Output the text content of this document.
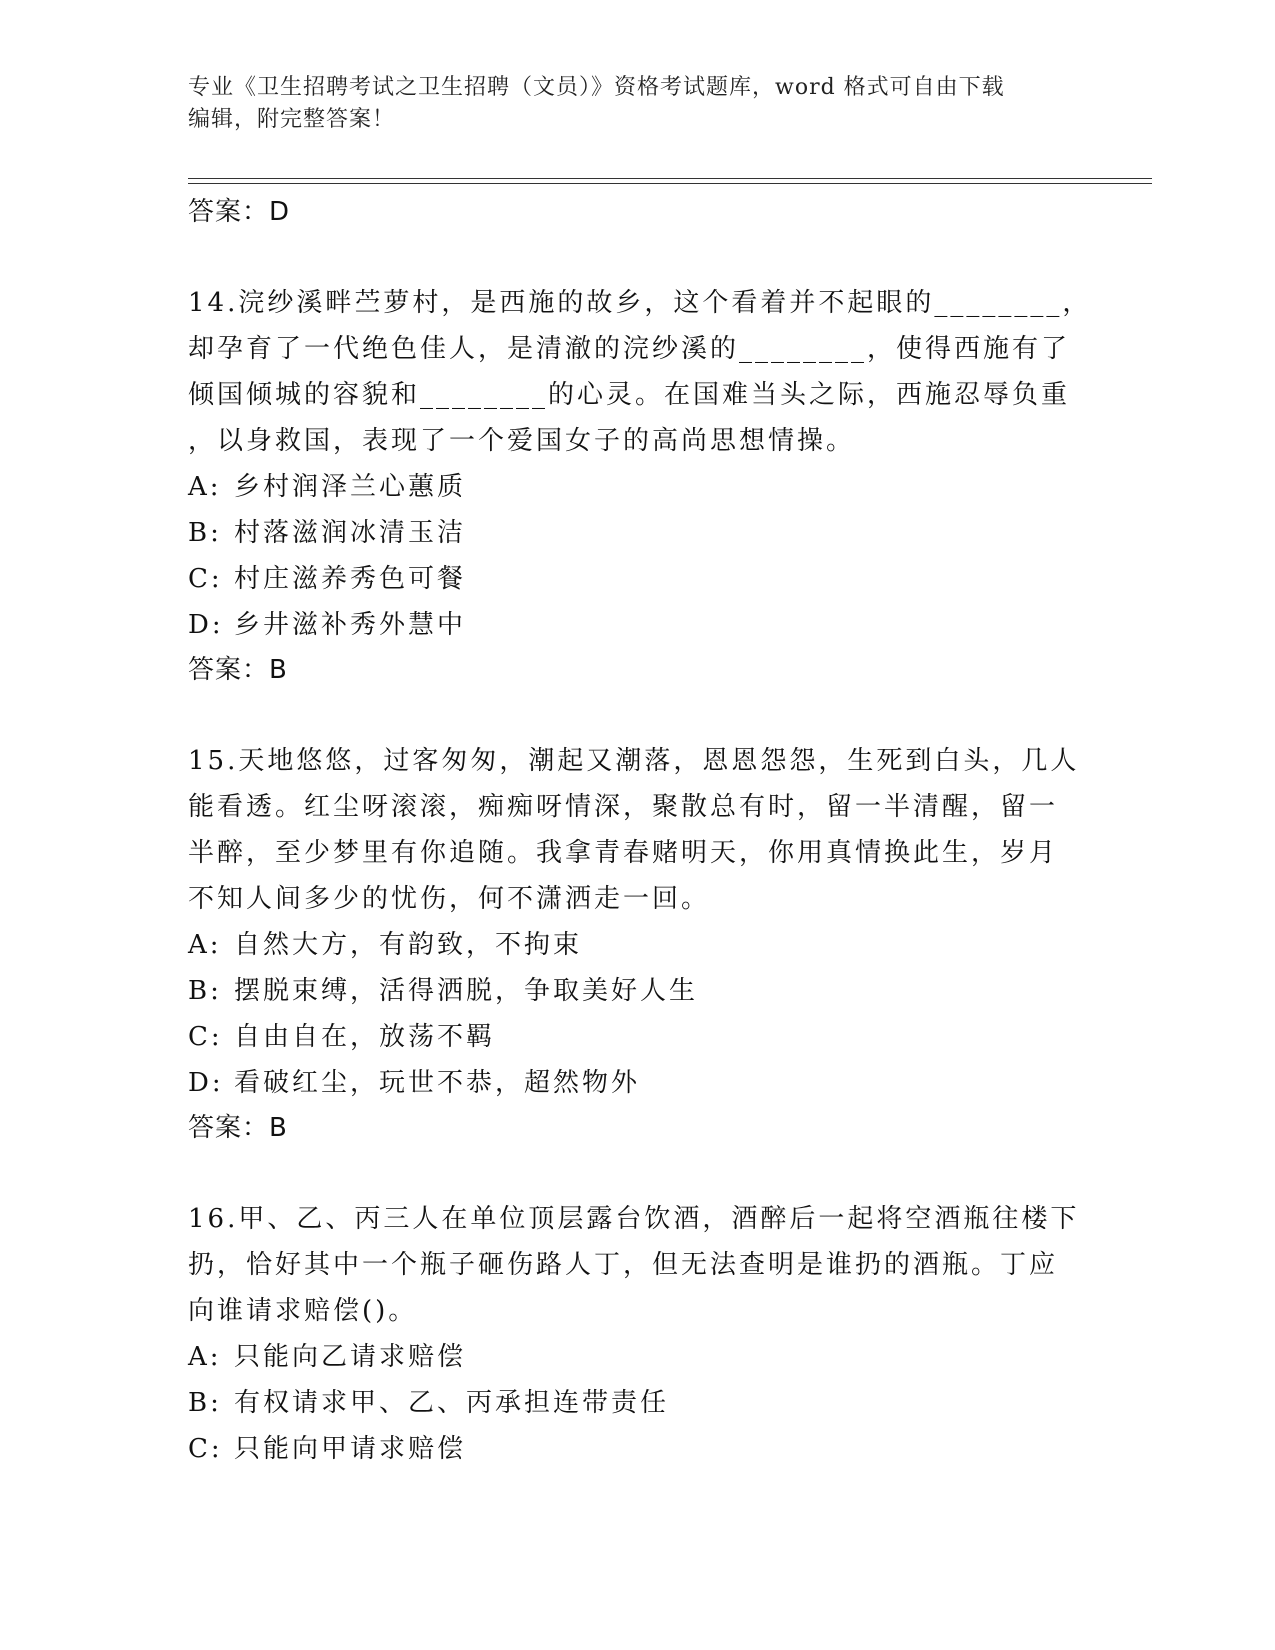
专业《卫生招聘考试之卫生招聘（文员）》资格考试题库，word 格式可自由下载
编辑，附完整答案！
答案：D

14.浣纱溪畔苎萝村，是西施的故乡，这个看着并不起眼的________，
却孕育了一代绝色佳人，是清澈的浣纱溪的________，使得西施有了
倾国倾城的容貌和________的心灵。在国难当头之际，西施忍辱负重
，以身救国，表现了一个爱国女子的高尚思想情操。

A: 乡村润泽兰心蕙质
B: 村落滋润冰清玉洁
C: 村庄滋养秀色可餐
D: 乡井滋补秀外慧中
答案：B

15.天地悠悠，过客匆匆，潮起又潮落，恩恩怨怨，生死到白头，几人
能看透。红尘呀滚滚，痴痴呀情深，聚散总有时，留一半清醒，留一
半醉，至少梦里有你追随。我拿青春赌明天，你用真情换此生，岁月
不知人间多少的忧伤，何不潇洒走一回。

A: 自然大方，有韵致，不拘束
B: 摆脱束缚，活得洒脱，争取美好人生
C: 自由自在，放荡不羁
D: 看破红尘，玩世不恭，超然物外
答案：B

16.甲、乙、丙三人在单位顶层露台饮酒，酒醉后一起将空酒瓶往楼下
扔，恰好其中一个瓶子砸伤路人丁，但无法查明是谁扔的酒瓶。丁应
向谁请求赔偿()。

A: 只能向乙请求赔偿
B: 有权请求甲、乙、丙承担连带责任
C: 只能向甲请求赔偿
